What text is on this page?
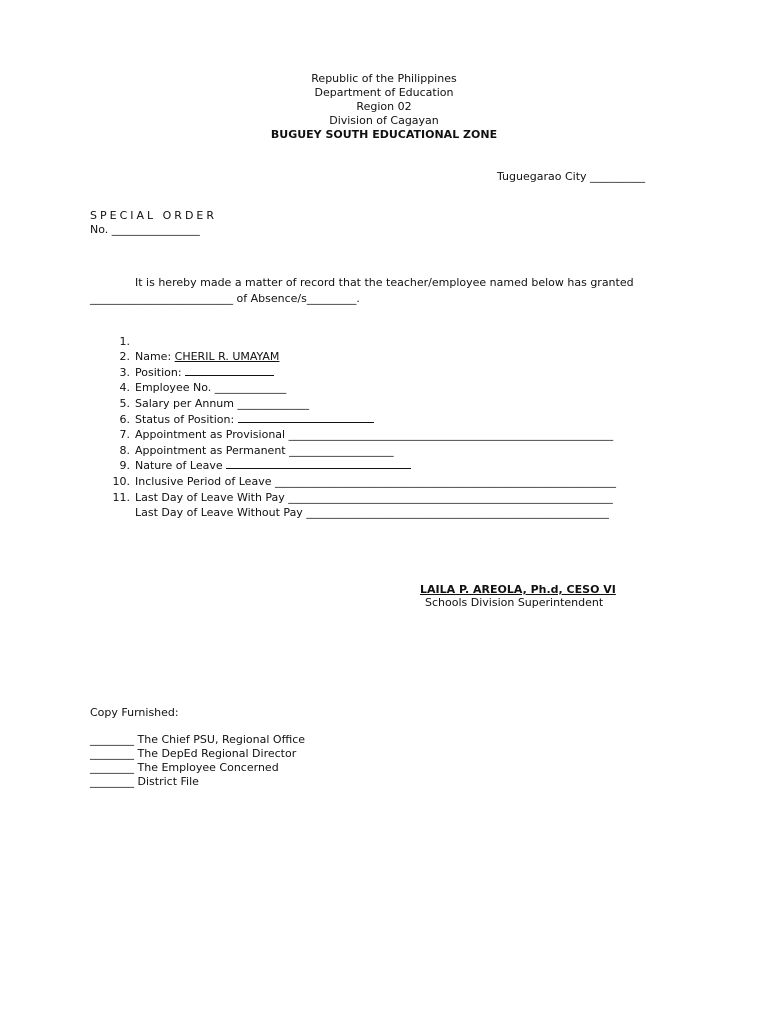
Republic of the Philippines
Department of Education
Region 02
Division of Cagayan
BUGUEY SOUTH EDUCATIONAL ZONE
Tuguegarao City __________
SPECIAL ORDER
No. ________________
It is hereby made a matter of record that the teacher/employee named below has granted
__________________________ of Absence/s_________.

1.

Name: CHERIL R. UMAYAM

2.

Position:

3.

Employee No. _____________

4.

Salary per Annum _____________

5.

Status of Position:

6.

Appointment as Provisional ___________________________________________________________

7.

Appointment as Permanent ___________________

8.

Nature of Leave

9.

Inclusive Period of Leave ______________________________________________________________

10.

Last Day of Leave With Pay ___________________________________________________________

11.

Last Day of Leave Without Pay _______________________________________________________

LAILA P. AREOLA, Ph.d, CESO VI
Schools Division Superintendent
Copy Furnished:
________ The Chief PSU, Regional Office
________ The DepEd Regional Director
________ The Employee Concerned
________ District File
